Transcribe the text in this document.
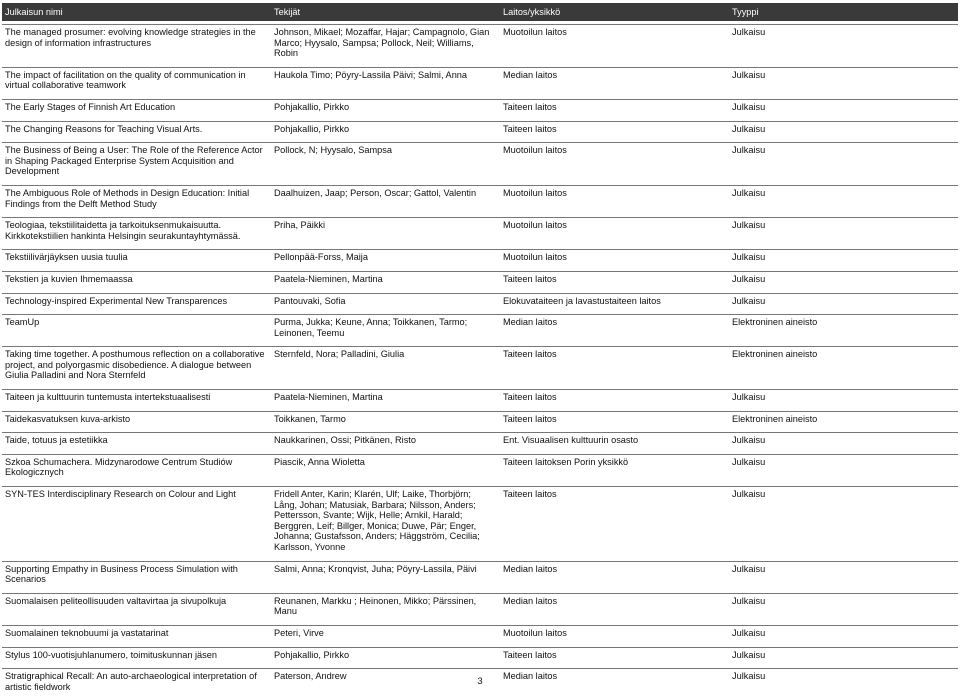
Julkaisun nimi	Tekijät	Laitos/yksikkö	Tyyppi
The managed prosumer: evolving knowledge strategies in the design of information infrastructures	Johnson, Mikael; Mozaffar, Hajar; Campagnolo, Gian Marco; Hyysalo, Sampsa; Pollock, Neil; Williams, Robin	Muotoilun laitos	Julkaisu
The impact of facilitation on the quality of communication in virtual collaborative teamwork	Haukola Timo; Pöyry-Lassila Päivi; Salmi, Anna	Median laitos	Julkaisu
The Early Stages of Finnish Art Education	Pohjakallio, Pirkko	Taiteen laitos	Julkaisu
The Changing Reasons for Teaching Visual Arts.	Pohjakallio, Pirkko	Taiteen laitos	Julkaisu
The Business of Being a User: The Role of the Reference Actor in Shaping Packaged Enterprise System Acquisition and Development	Pollock, N; Hyysalo, Sampsa	Muotoilun laitos	Julkaisu
The Ambiguous Role of Methods in Design Education: Initial Findings from the Delft Method Study	Daalhuizen, Jaap; Person, Oscar; Gattol, Valentin	Muotoilun laitos	Julkaisu
Teologiaa, tekstiilitaidetta ja tarkoituksenmukaisuutta. Kirkkotekstiilien hankinta Helsingin seurakuntayhtymässä.	Priha, Päikki	Muotoilun laitos	Julkaisu
Tekstiilivärjäyksen uusia tuulia	Pellonpää-Forss, Maija	Muotoilun laitos	Julkaisu
Tekstien ja kuvien Ihmemaassa	Paatela-Nieminen, Martina	Taiteen laitos	Julkaisu
Technology-inspired Experimental New Transparences	Pantouvaki, Sofia	Elokuvataiteen ja lavastustaiteen laitos	Julkaisu
TeamUp	Purma, Jukka; Keune, Anna; Toikkanen, Tarmo; Leinonen, Teemu	Median laitos	Elektroninen aineisto
Taking time together. A posthumous reflection on a collaborative project, and polyorgasmic disobedience. A dialogue between Giulia Palladini and Nora Sternfeld	Sternfeld, Nora; Palladini, Giulia	Taiteen laitos	Elektroninen aineisto
Taiteen ja kulttuurin tuntemusta intertekstuaalisesti	Paatela-Nieminen, Martina	Taiteen laitos	Julkaisu
Taidekasvatuksen kuva-arkisto	Toikkanen, Tarmo	Taiteen laitos	Elektroninen aineisto
Taide, totuus ja estetiikka	Naukkarinen, Ossi; Pitkänen, Risto	Ent. Visuaalisen kulttuurin osasto	Julkaisu
Szkoa Schumachera. Midzynarodowe Centrum Studiów Ekologicznych	Piascik, Anna Wioletta	Taiteen laitoksen Porin yksikkö	Julkaisu
SYN-TES Interdisciplinary Research on Colour and Light	Fridell Anter, Karin; Klarén, Ulf; Laike, Thorbjörn; Lång, Johan; Matusiak, Barbara; Nilsson, Anders; Pettersson, Svante; Wijk, Helle; Arnkil, Harald; Berggren, Leif; Billger, Monica; Duwe, Pär; Enger, Johanna; Gustafsson, Anders; Häggström, Cecilia; Karlsson, Yvonne	Taiteen laitos	Julkaisu
Supporting Empathy in Business Process Simulation with Scenarios	Salmi, Anna; Kronqvist, Juha; Pöyry-Lassila, Päivi	Median laitos	Julkaisu
Suomalaisen peliteollisuuden valtavirtaa ja sivupolkuja	Reunanen, Markku ; Heinonen, Mikko; Pärssinen, Manu	Median laitos	Julkaisu
Suomalainen teknobuumi ja vastatarinat	Peteri, Virve	Muotoilun laitos	Julkaisu
Stylus 100-vuotisjuhlanumero, toimituskunnan jäsen	Pohjakallio, Pirkko	Taiteen laitos	Julkaisu
Stratigraphical Recall: An auto-archaeological interpretation of artistic fieldwork	Paterson, Andrew	Median laitos	Julkaisu
3
